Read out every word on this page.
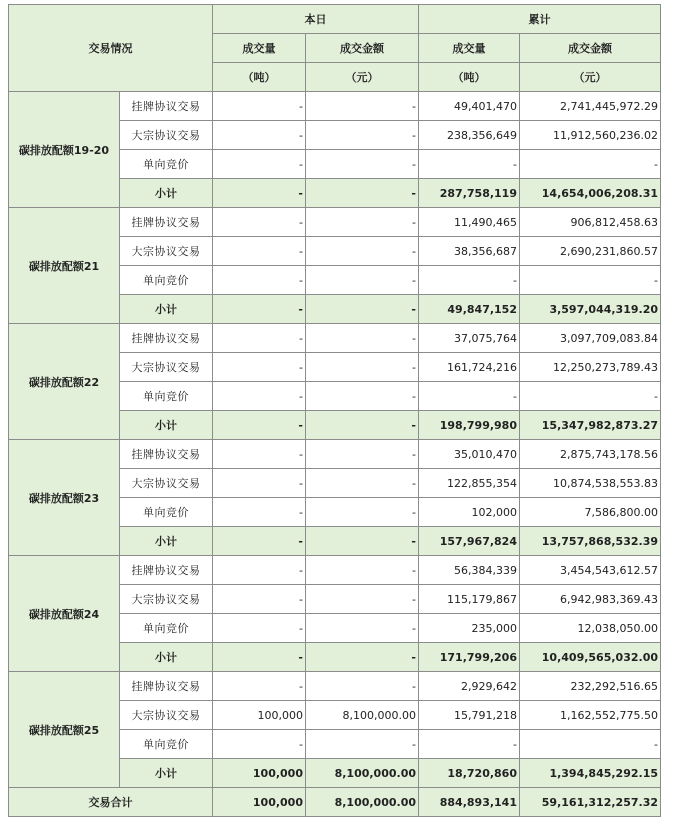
交易情况		本日		累计	
		成交量	成交金额	成交量	成交金额
		（吨）	（元）	（吨）	（元）
碳排放配额19-20	挂牌协议交易	-	-	49,401,470	2,741,445,972.29
	大宗协议交易	-	-	238,356,649	11,912,560,236.02
	单向竞价	-	-	-	-
	小计	-	-	287,758,119	14,654,006,208.31
碳排放配额21	挂牌协议交易	-	-	11,490,465	906,812,458.63
	大宗协议交易	-	-	38,356,687	2,690,231,860.57
	单向竞价	-	-	-	-
	小计	-	-	49,847,152	3,597,044,319.20
碳排放配额22	挂牌协议交易	-	-	37,075,764	3,097,709,083.84
	大宗协议交易	-	-	161,724,216	12,250,273,789.43
	单向竞价	-	-	-	-
	小计	-	-	198,799,980	15,347,982,873.27
碳排放配额23	挂牌协议交易	-	-	35,010,470	2,875,743,178.56
	大宗协议交易	-	-	122,855,354	10,874,538,553.83
	单向竞价	-	-	102,000	7,586,800.00
	小计	-	-	157,967,824	13,757,868,532.39
碳排放配额24	挂牌协议交易	-	-	56,384,339	3,454,543,612.57
	大宗协议交易	-	-	115,179,867	6,942,983,369.43
	单向竞价	-	-	235,000	12,038,050.00
	小计	-	-	171,799,206	10,409,565,032.00
碳排放配额25	挂牌协议交易	-	-	2,929,642	232,292,516.65
	大宗协议交易	100,000	8,100,000.00	15,791,218	1,162,552,775.50
	单向竞价	-	-	-	-
	小计	100,000	8,100,000.00	18,720,860	1,394,845,292.15
交易合计		100,000	8,100,000.00	884,893,141	59,161,312,257.32
